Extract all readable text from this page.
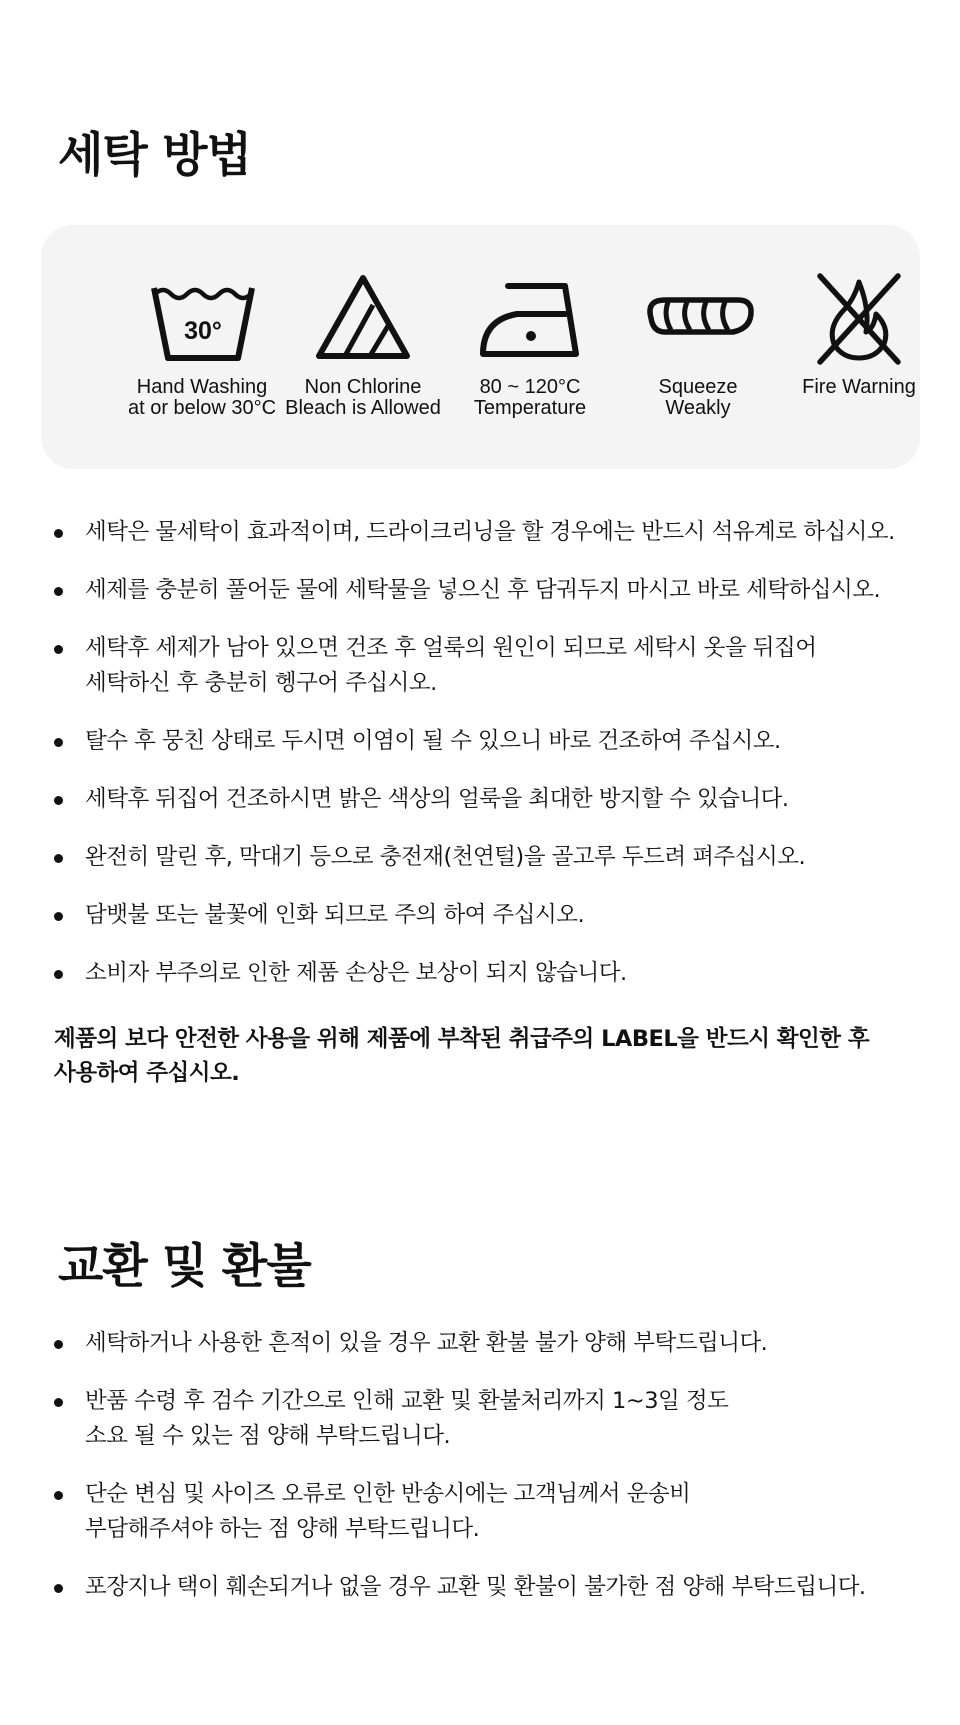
세탁 방법
30°
Hand Washing
at or below 30°C
Non Chlorine
Bleach is Allowed
80 ~ 120°C
Temperature
Squeeze
Weakly
Fire Warning
세탁은 물세탁이 효과적이며, 드라이크리닝을 할 경우에는 반드시 석유계로 하십시오.
세제를 충분히 풀어둔 물에 세탁물을 넣으신 후 담궈두지 마시고 바로 세탁하십시오.
세탁후 세제가 남아 있으면 건조 후 얼룩의 원인이 되므로 세탁시 옷을 뒤집어
세탁하신 후 충분히 헹구어 주십시오.
탈수 후 뭉친 상태로 두시면 이염이 될 수 있으니 바로 건조하여 주십시오.
세탁후 뒤집어 건조하시면 밝은 색상의 얼룩을 최대한 방지할 수 있습니다.
완전히 말린 후, 막대기 등으로 충전재(천연털)을 골고루 두드려 펴주십시오.
담뱃불 또는 불꽃에 인화 되므로 주의 하여 주십시오.
소비자 부주의로 인한 제품 손상은 보상이 되지 않습니다.
제품의 보다 안전한 사용을 위해 제품에 부착된 취급주의 LABEL을 반드시 확인한 후
사용하여 주십시오.
교환 및 환불
세탁하거나 사용한 흔적이 있을 경우 교환 환불 불가 양해 부탁드립니다.
반품 수령 후 검수 기간으로 인해 교환 및 환불처리까지 1~3일 정도
소요 될 수 있는 점 양해 부탁드립니다.
단순 변심 및 사이즈 오류로 인한 반송시에는 고객님께서 운송비
부담해주셔야 하는 점 양해 부탁드립니다.
포장지나 택이 훼손되거나 없을 경우 교환 및 환불이 불가한 점 양해 부탁드립니다.
